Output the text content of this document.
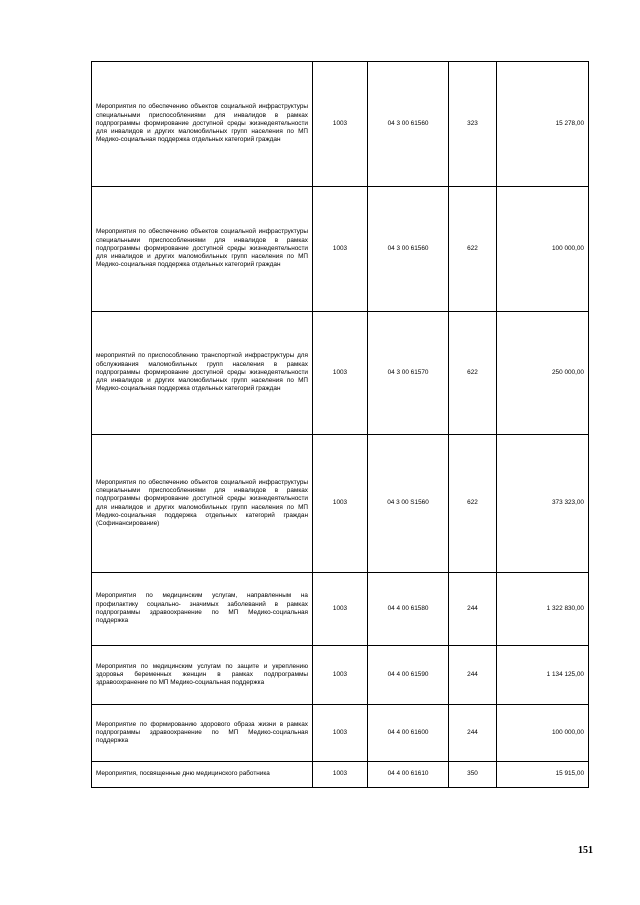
Мероприятия по обеспечению объектов социальной инфраструктуры специальными приспособлениями для инвалидов в рамках подпрограммы формирование доступной среды жизнедеятельности для инвалидов и других маломобильных групп населения по МП Медико-социальная поддержка отдельных категорий граждан	1003	04 3 00 61560	323	15 278,00
Мероприятия по обеспечению объектов социальной инфраструктуры специальными приспособлениями для инвалидов в рамках подпрограммы формирование доступной среды жизнедеятельности для инвалидов и других маломобильных групп населения по МП Медико-социальная поддержка отдельных категорий граждан	1003	04 3 00 61560	622	100 000,00
мероприятий по приспособлению транспортной инфраструктуры для обслуживания маломобильных групп населения в рамках подпрограммы формирование доступной среды жизнедеятельности для инвалидов и других маломобильных групп населения по МП Медико-социальная поддержка отдельных категорий граждан	1003	04 3 00 61570	622	250 000,00
Мероприятия по обеспечению объектов социальной инфраструктуры специальными приспособлениями для инвалидов в рамках подпрограммы формирование доступной среды жизнедеятельности для инвалидов и других маломобильных групп населения по МП Медико-социальная поддержка отдельных категорий граждан (Софинансирование)	1003	04 3 00 S1560	622	373 323,00
Мероприятия по медицинским услугам, направленным на профилактику социально- значимых заболеваний в рамках подпрограммы здравоохранение по МП Медико-социальная поддержка	1003	04 4 00 61580	244	1 322 830,00
Мероприятия по медицинским услугам по защите и укреплению здоровья беременных женщин в рамках подпрограммы здравоохранение по МП Медико-социальная поддержка	1003	04 4 00 61590	244	1 134 125,00
Мероприятие по формированию здорового образа жизни в рамках подпрограммы здравоохранение по МП Медико-социальная поддержка	1003	04 4 00 61600	244	100 000,00
Мероприятия, посвященные дню медицинского работника	1003	04 4 00 61610	350	15 915,00
151
